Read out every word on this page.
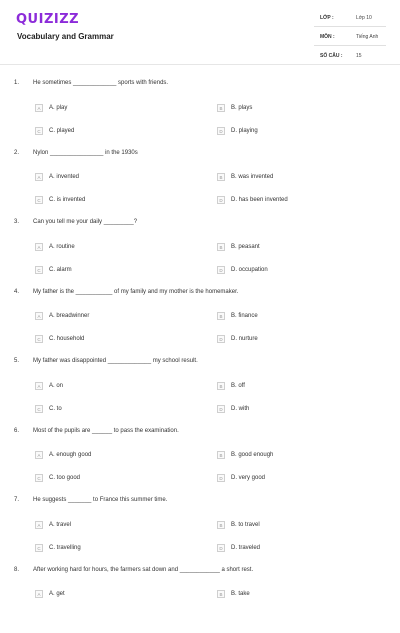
QUIZIZZ
Vocabulary and Grammar
LỚP :	Lớp 10
MÔN :	Tiếng Anh
SỐ CÂU :	15
1. He sometimes _____________ sports with friends.
A A. play	B B. plays
C C. played	D D. playing
2. Nylon ________________ in the 1930s
A A. invented	B B. was invented
C C. is invented	D D. has been invented
3. Can you tell me your daily _________?
A A. routine	B B. peasant
C C. alarm	D D. occupation
4. My father is the ___________ of my family and my mother is the homemaker.
A A. breadwinner	B B. finance
C C. household	D D. nurture
5. My father was disappointed _____________ my school result.
A A. on	B B. off
C C. to	D D. with
6. Most of the pupils are ______ to pass the examination.
A A. enough good	B B. good enough
C C. too good	D D. very good
7. He suggests _______ to France this summer time.
A A. travel	B B. to travel
C C. travelling	D D. traveled
8. After working hard for hours, the farmers sat down and ____________ a short rest.
A A. get	B B. take
